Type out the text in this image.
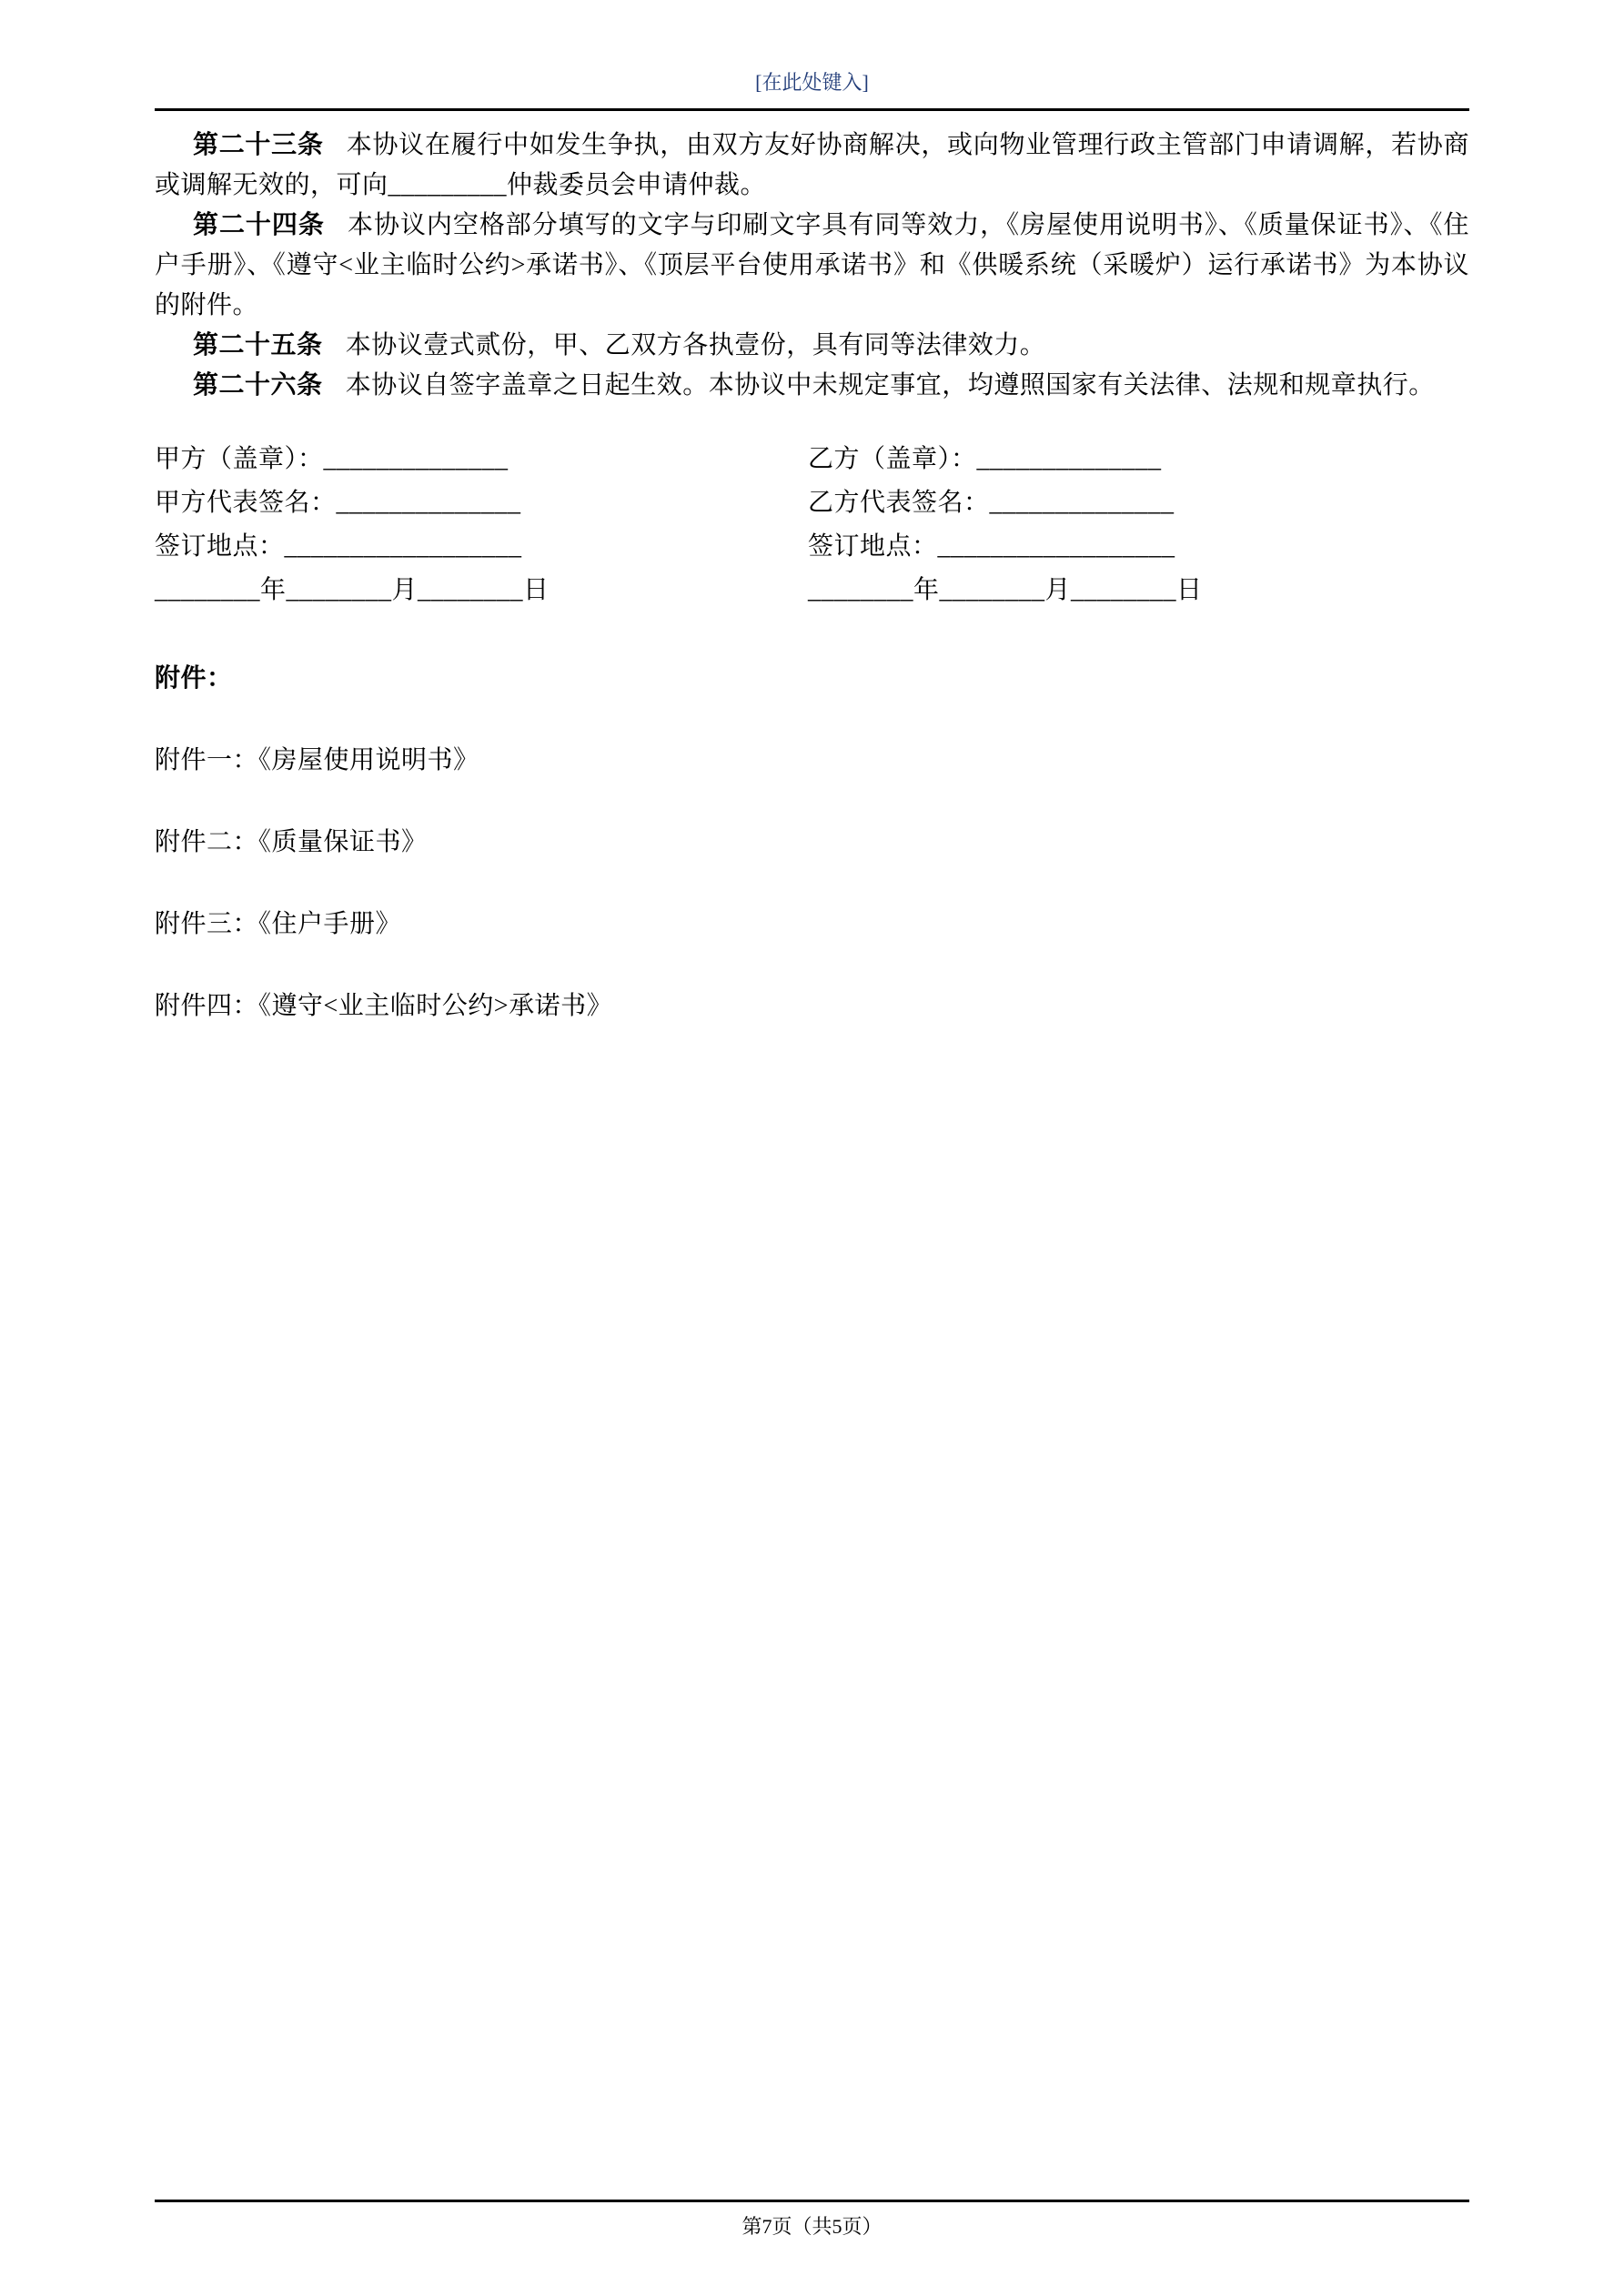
[在此处键入]

第二十三条 本协议在履行中如发生争执，由双方友好协商解决，或向物业管理行政主管部门申请调解，若协商或调解无效的，可向_________仲裁委员会申请仲裁。

第二十四条 本协议内空格部分填写的文字与印刷文字具有同等效力，《房屋使用说明书》、《质量保证书》、《住户手册》、《遵守<业主临时公约>承诺书》、《顶层平台使用承诺书》和《供暖系统（采暖炉）运行承诺书》为本协议的附件。

第二十五条 本协议壹式贰份，甲、乙双方各执壹份，具有同等法律效力。

第二十六条 本协议自签字盖章之日起生效。本协议中未规定事宜，均遵照国家有关法律、法规和规章执行。

甲方（盖章）：______________	乙方（盖章）：______________
甲方代表签名：______________	乙方代表签名：______________
签订地点：__________________	签订地点：__________________
________年________月________日	________年________月________日

附件：

附件一：《房屋使用说明书》

附件二：《质量保证书》

附件三：《住户手册》

附件四：《遵守<业主临时公约>承诺书》

第7页（共5页）
